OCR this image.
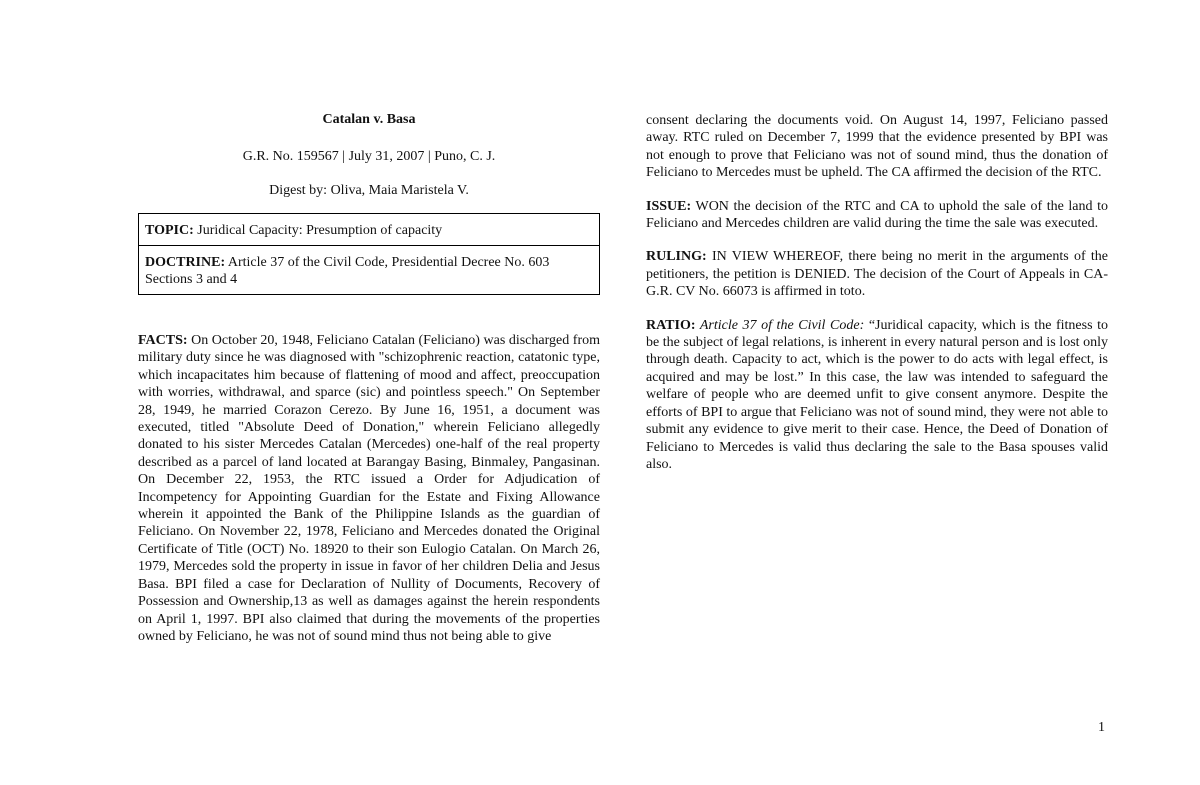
Catalan v. Basa

G.R. No. 159567 | July 31, 2007 | Puno, C. J.

Digest by: Oliva, Maia Maristela V.

TOPIC: Juridical Capacity: Presumption of capacity
DOCTRINE: Article 37 of the Civil Code, Presidential Decree No. 603 Sections 3 and 4

FACTS: On October 20, 1948, Feliciano Catalan (Feliciano) was discharged from military duty since he was diagnosed with "schizophrenic reaction, catatonic type, which incapacitates him because of flattening of mood and affect, preoccupation with worries, withdrawal, and sparce (sic) and pointless speech." On September 28, 1949, he married Corazon Cerezo. By June 16, 1951, a document was executed, titled "Absolute Deed of Donation," wherein Feliciano allegedly donated to his sister Mercedes Catalan (Mercedes) one-half of the real property described as a parcel of land located at Barangay Basing, Binmaley, Pangasinan. On December 22, 1953, the RTC issued a Order for Adjudication of Incompetency for Appointing Guardian for the Estate and Fixing Allowance wherein it appointed the Bank of the Philippine Islands as the guardian of Feliciano. On November 22, 1978, Feliciano and Mercedes donated the Original Certificate of Title (OCT) No. 18920 to their son Eulogio Catalan. On March 26, 1979, Mercedes sold the property in issue in favor of her children Delia and Jesus Basa. BPI filed a case for Declaration of Nullity of Documents, Recovery of Possession and Ownership,13 as well as damages against the herein respondents on April 1, 1997. BPI also claimed that during the movements of the properties owned by Feliciano, he was not of sound mind thus not being able to give

consent declaring the documents void. On August 14, 1997, Feliciano passed away. RTC ruled on December 7, 1999 that the evidence presented by BPI was not enough to prove that Feliciano was not of sound mind, thus the donation of Feliciano to Mercedes must be upheld. The CA affirmed the decision of the RTC.

ISSUE: WON the decision of the RTC and CA to uphold the sale of the land to Feliciano and Mercedes children are valid during the time the sale was executed.

RULING: IN VIEW WHEREOF, there being no merit in the arguments of the petitioners, the petition is DENIED. The decision of the Court of Appeals in CA-G.R. CV No. 66073 is affirmed in toto.

RATIO: Article 37 of the Civil Code: “Juridical capacity, which is the fitness to be the subject of legal relations, is inherent in every natural person and is lost only through death. Capacity to act, which is the power to do acts with legal effect, is acquired and may be lost.” In this case, the law was intended to safeguard the welfare of people who are deemed unfit to give consent anymore. Despite the efforts of BPI to argue that Feliciano was not of sound mind, they were not able to submit any evidence to give merit to their case. Hence, the Deed of Donation of Feliciano to Mercedes is valid thus declaring the sale to the Basa spouses valid also.

1
